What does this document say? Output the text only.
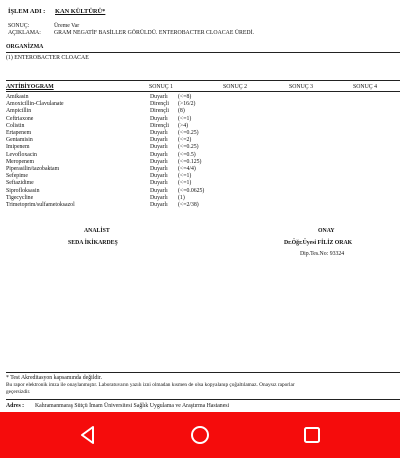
İŞLEM ADI : KAN KÜLTÜRÜ*
SONUÇ:	Üreme Var
AÇIKLAMA: GRAM NEGATİF BASİLLER GÖRÜLDÜ. ENTEROBACTER CLOACAE ÜREDİ.
ORGANİZMA
(1) ENTEROBACTER CLOACAE
ANTİBİYOGRAM	SONUÇ 1	SONUÇ 2	SONUÇ 3	SONUÇ 4
Amikasin	Duyarlı (<=8)
Amoxicillin-Clavulanate	Dirençli (>16/2)
Ampicillin	Dirençli (8)
Ceftriaxone	Duyarlı (<=1)
Colistin	Dirençli (>4)
Ertapenem	Duyarlı (<=0.25)
Gentamisin	Duyarlı (<=2)
Imipenem	Duyarlı (<=0.25)
Levofloxacin	Duyarlı (<=0.5)
Meropenem	Duyarlı (<=0.125)
Piperasilin/tazobaktam	Duyarlı (<=4/4)
Sefepime	Duyarlı (<=1)
Seftazidime	Duyarlı (<=1)
Siprofloksasin	Duyarlı (<=0.0625)
Tigecycline	Duyarlı (1)
Trimetoprim/sulfametoksazol	Duyarlı (<=2/38)
ANALİST
SEDA İKİKARDEŞ
ONAY
Dr.Öğr.Üyesi FİLİZ ORAK
Dip.Tes.No: 93324
* Test Akreditasyon kapsamında değildir.
Bu rapor elektronik imza ile onaylanmıştır. Laboratuvarın yazılı izni olmadan kısmen de olsa kopyalanıp çoğaltılamaz. Onaysız raporlar
geçersizdir.
Adres : Kahramanmaraş Sütçü İmam Üniversitesi Sağlık Uygulama ve Araştırma Hastanesi
